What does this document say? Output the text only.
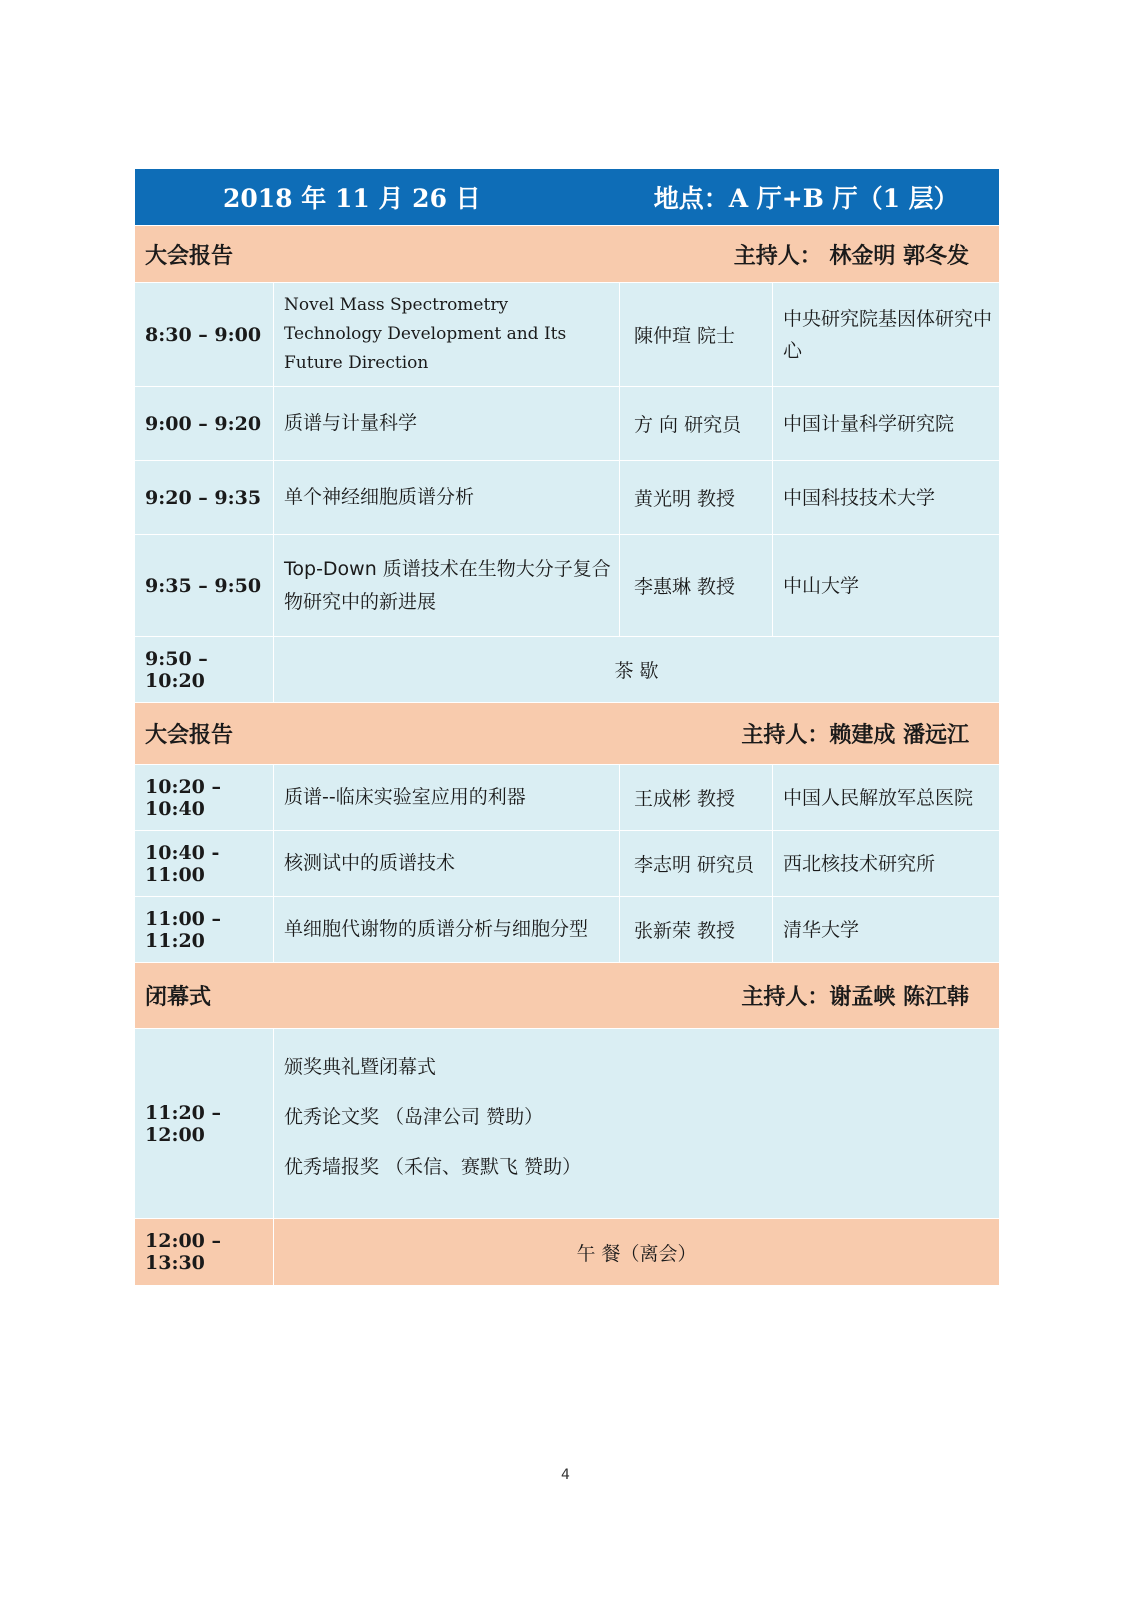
2018 年 11 月 26 日 地点：A 厅+B 厅（1 层）			

大会报告 主持人： 林金明 郭冬发			

8:30 – 9:00	Novel Mass Spectrometry Technology Development and Its Future Direction	陳仲瑄 院士	中央研究院基因体研究中心
9:00 – 9:20	质谱与计量科学	方 向 研究员	中国计量科学研究院
9:20 – 9:35	单个神经细胞质谱分析	黄光明 教授	中国科技技术大学
9:35 – 9:50	Top-Down 质谱技术在生物大分子复合物研究中的新进展	李惠琳 教授	中山大学
9:50 – 10:20	茶 歇		

大会报告 主持人：赖建成 潘远江			

10:20 – 10:40	质谱--临床实验室应用的利器	王成彬 教授	中国人民解放军总医院
10:40 - 11:00	核测试中的质谱技术	李志明 研究员	西北核技术研究所
11:00 – 11:20	单细胞代谢物的质谱分析与细胞分型	张新荣 教授	清华大学

闭幕式 主持人：谢孟峡 陈江韩			

11:20 – 12:00	颁奖典礼暨闭幕式
优秀论文奖 （岛津公司 赞助）
优秀墙报奖 （禾信、赛默飞 赞助）		

12:00 – 13:30	午 餐（离会）		
4
